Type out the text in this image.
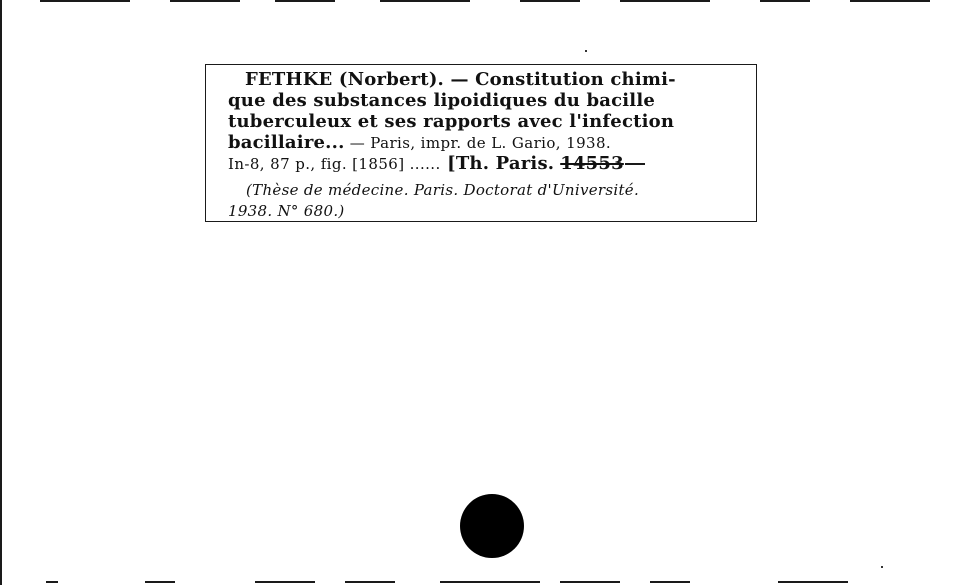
FETHKE (Norbert). — Constitution chimi-
que des substances lipoidiques du bacille
tuberculeux et ses rapports avec l'infection
bacillaire... — Paris, impr. de L. Gario, 1938.
In-8, 87 p., fig. [1856] ...... [Th. Paris. 14553
(Thèse de médecine. Paris. Doctorat d'Université.
1938. N° 680.)
